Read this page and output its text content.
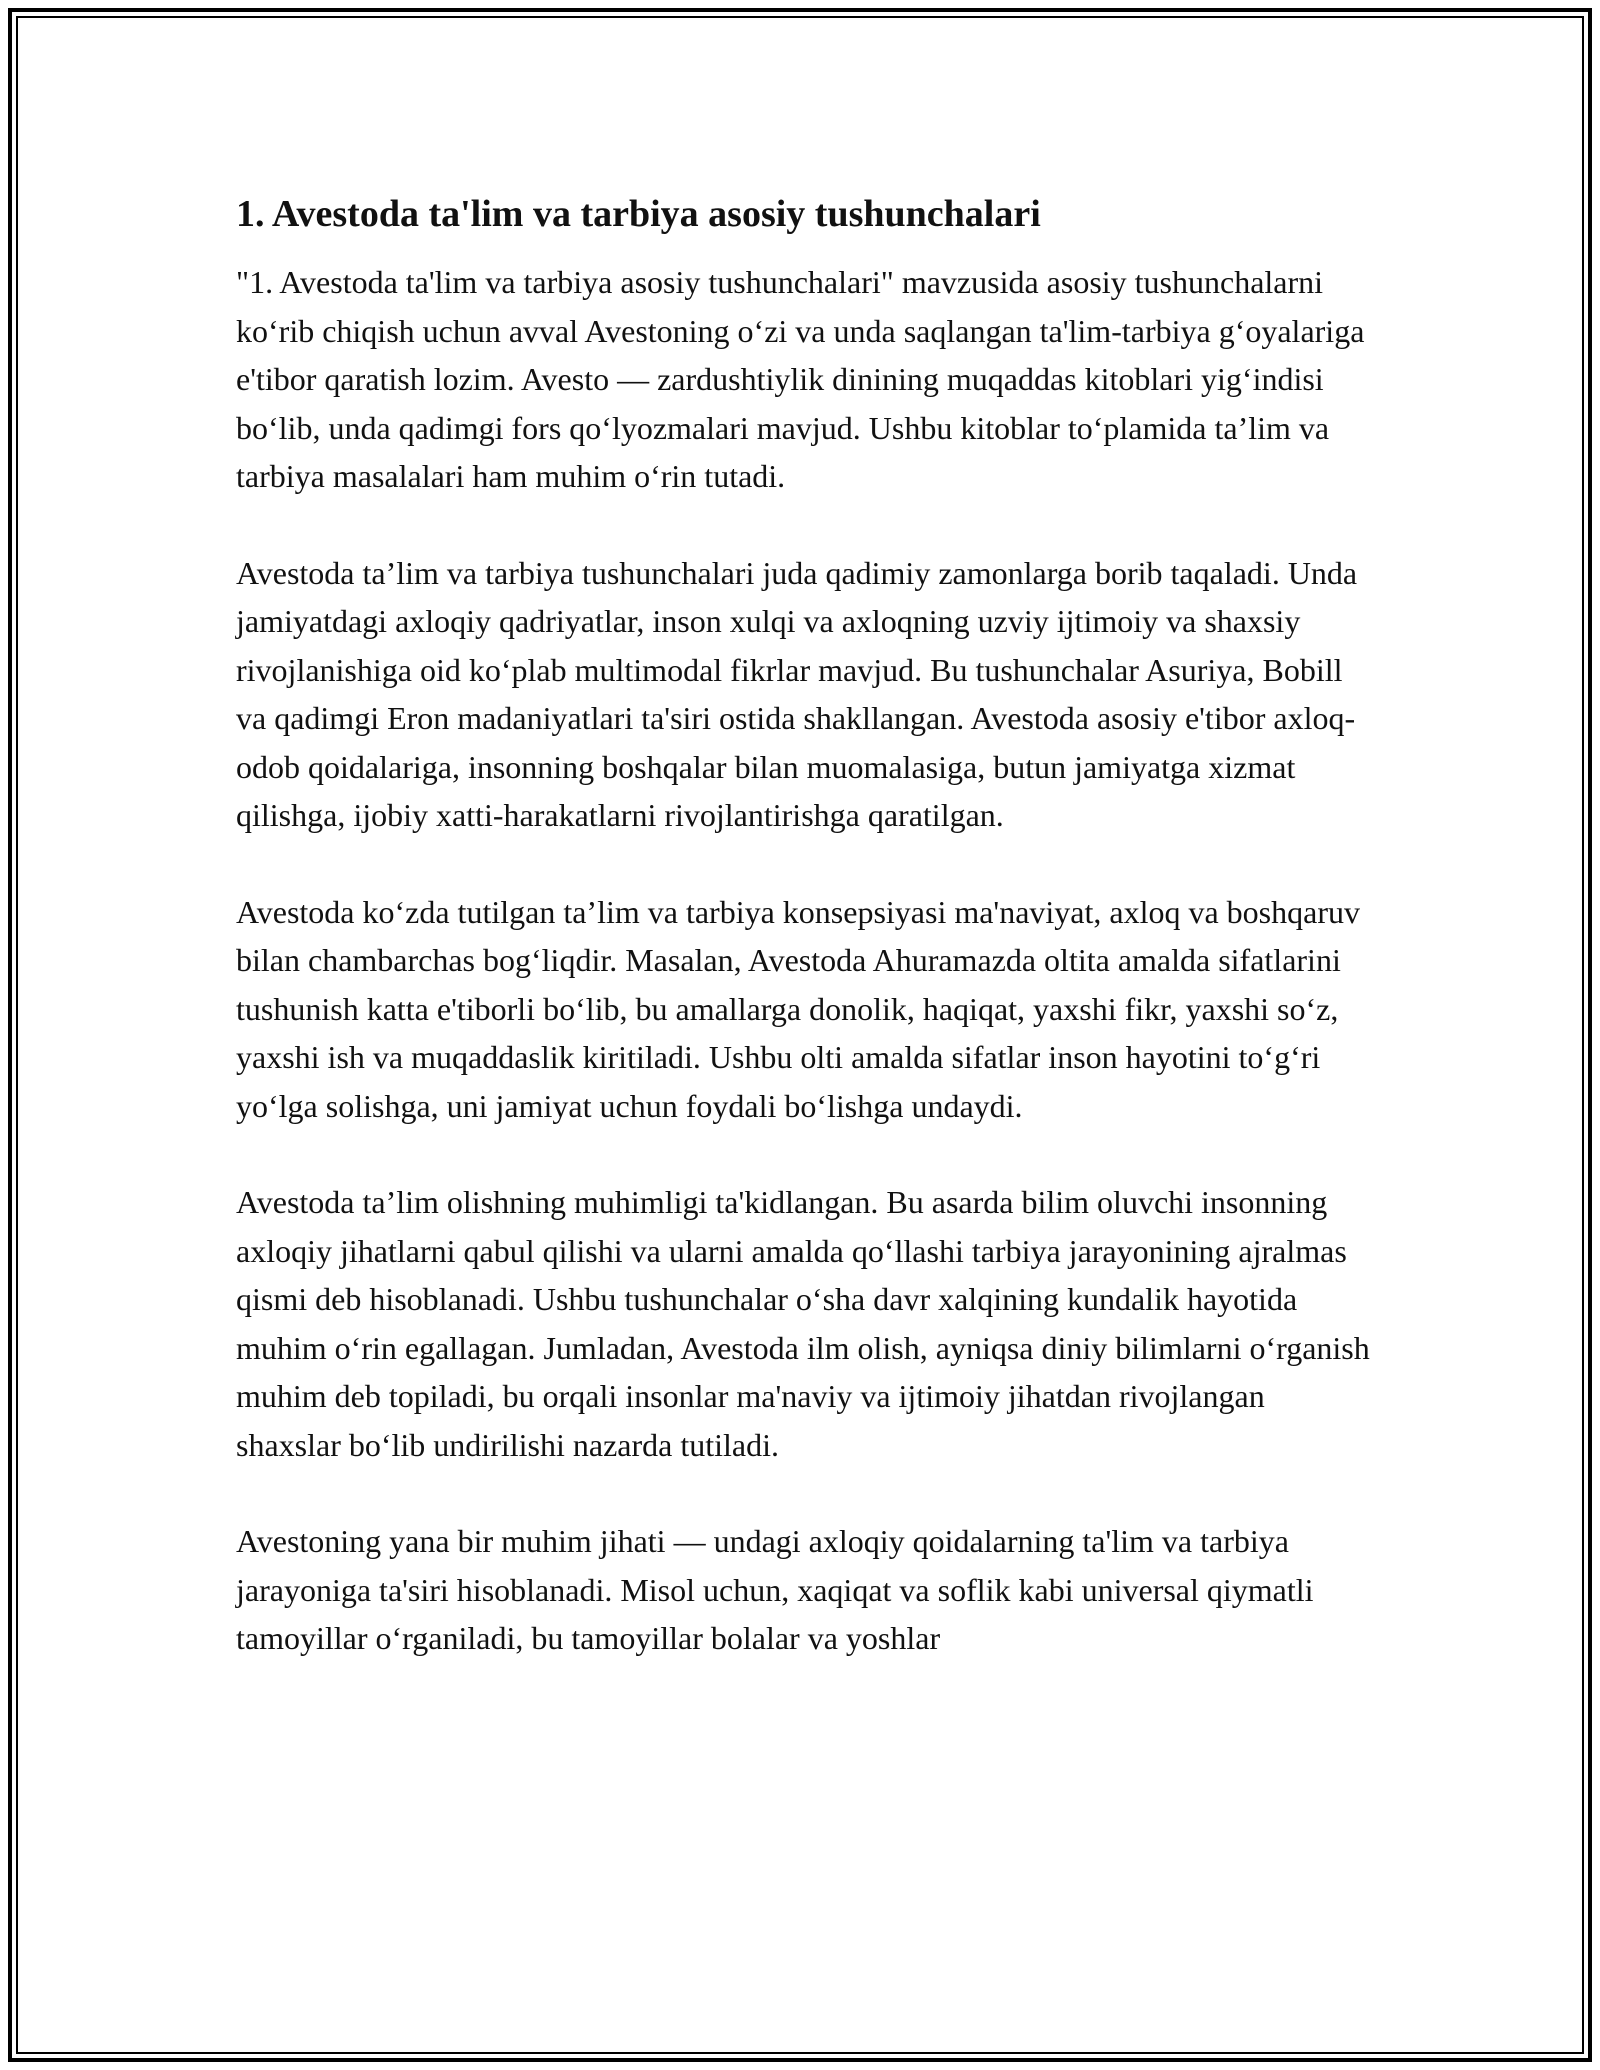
1. Avestoda ta'lim va tarbiya asosiy tushunchalari

"1. Avestoda ta'lim va tarbiya asosiy tushunchalari" mavzusida asosiy tushunchalarni koʻrib chiqish uchun avval Avestoning oʻzi va unda saqlangan ta'lim-tarbiya gʻoyalariga e'tibor qaratish lozim. Avesto — zardushtiylik dinining muqaddas kitoblari yigʻindisi boʻlib, unda qadimgi fors qoʻlyozmalari mavjud. Ushbu kitoblar toʻplamida taʼlim va tarbiya masalalari ham muhim oʻrin tutadi.

Avestoda taʼlim va tarbiya tushunchalari juda qadimiy zamonlarga borib taqaladi. Unda jamiyatdagi axloqiy qadriyatlar, inson xulqi va axloqning uzviy ijtimoiy va shaxsiy rivojlanishiga oid koʻplab multimodal fikrlar mavjud. Bu tushunchalar Asuriya, Bobill va qadimgi Eron madaniyatlari ta'siri ostida shakllangan. Avestoda asosiy e'tibor axloq-odob qoidalariga, insonning boshqalar bilan muomalasiga, butun jamiyatga xizmat qilishga, ijobiy xatti-harakatlarni rivojlantirishga qaratilgan.

Avestoda koʻzda tutilgan taʼlim va tarbiya konsepsiyasi ma'naviyat, axloq va boshqaruv bilan chambarchas bogʻliqdir. Masalan, Avestoda Ahuramazda oltita amalda sifatlarini tushunish katta e'tiborli boʻlib, bu amallarga donolik, haqiqat, yaxshi fikr, yaxshi soʻz, yaxshi ish va muqaddaslik kiritiladi. Ushbu olti amalda sifatlar inson hayotini toʻgʻri yoʻlga solishga, uni jamiyat uchun foydali boʻlishga undaydi.

Avestoda taʼlim olishning muhimligi ta'kidlangan. Bu asarda bilim oluvchi insonning axloqiy jihatlarni qabul qilishi va ularni amalda qoʻllashi tarbiya jarayonining ajralmas qismi deb hisoblanadi. Ushbu tushunchalar oʻsha davr xalqining kundalik hayotida muhim oʻrin egallagan. Jumladan, Avestoda ilm olish, ayniqsa diniy bilimlarni oʻrganish muhim deb topiladi, bu orqali insonlar ma'naviy va ijtimoiy jihatdan rivojlangan shaxslar boʻlib undirilishi nazarda tutiladi.

Avestoning yana bir muhim jihati — undagi axloqiy qoidalarning ta'lim va tarbiya jarayoniga ta'siri hisoblanadi. Misol uchun, xaqiqat va soflik kabi universal qiymatli tamoyillar oʻrganiladi, bu tamoyillar bolalar va yoshlar
